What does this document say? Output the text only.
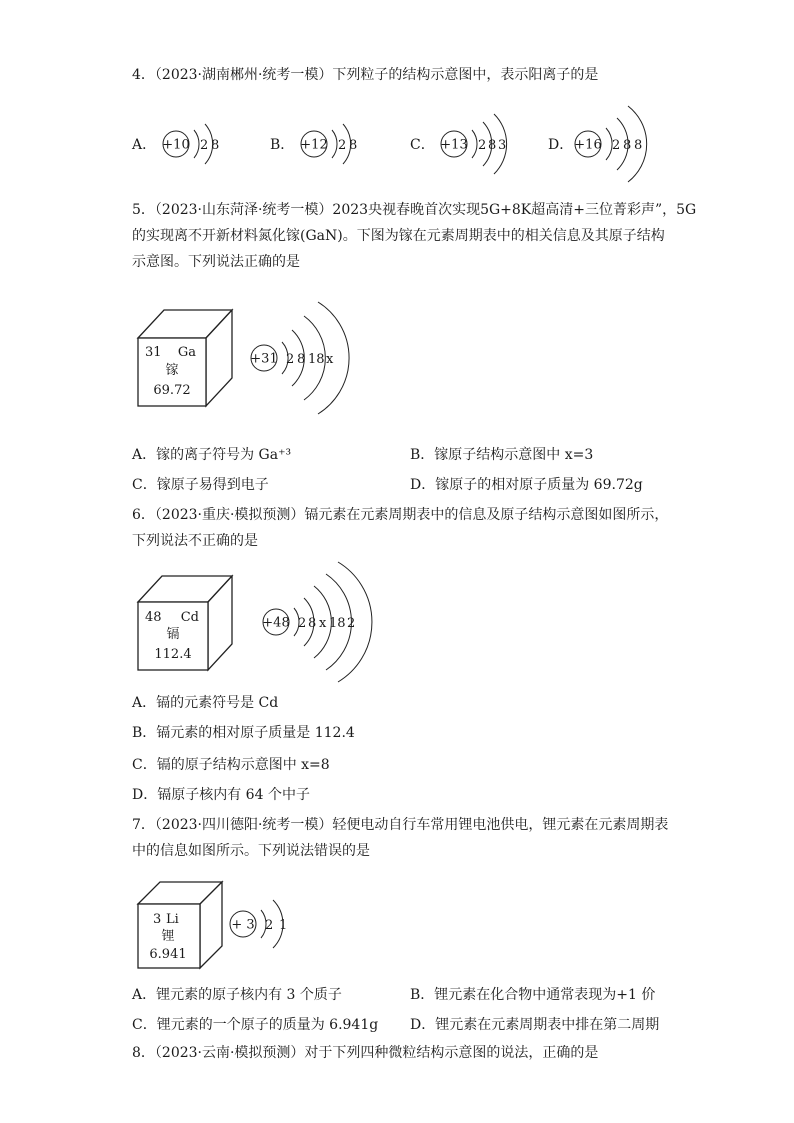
4．（2023·湖南郴州·统考一模）下列粒子的结构示意图中，表示阳离子的是
A． +10 2 8	B． +12 2 8	C． +13 2 8 3	D． +16 2 8 8
5．（2023·山东菏泽·统考一模）2023央视春晚首次实现5G+8K超高清+三位菁彩声”，5G
的实现离不开新材料氮化镓(GaN)。下图为镓在元素周期表中的相关信息及其原子结构
示意图。下列说法正确的是
31 Ga
镓
69.72
+31 2 8 18 x
A．镓的离子符号为 Ga⁺³	B．镓原子结构示意图中 x=3
C．镓原子易得到电子	D．镓原子的相对原子质量为 69.72g
6．（2023·重庆·模拟预测）镉元素在元素周期表中的信息及原子结构示意图如图所示，
下列说法不正确的是
48 Cd
镉
112.4
+48 2 8 x 18 2
A．镉的元素符号是 Cd
B．镉元素的相对原子质量是 112.4
C．镉的原子结构示意图中 x=8
D．镉原子核内有 64 个中子
7．（2023·四川德阳·统考一模）轻便电动自行车常用锂电池供电，锂元素在元素周期表
中的信息如图所示。下列说法错误的是
3 Li
锂
6.941
+ 3 2 1
A．锂元素的原子核内有 3 个质子	B．锂元素在化合物中通常表现为+1 价
C．锂元素的一个原子的质量为 6.941g D．锂元素在元素周期表中排在第二周期
8．（2023·云南·模拟预测）对于下列四种微粒结构示意图的说法，正确的是
